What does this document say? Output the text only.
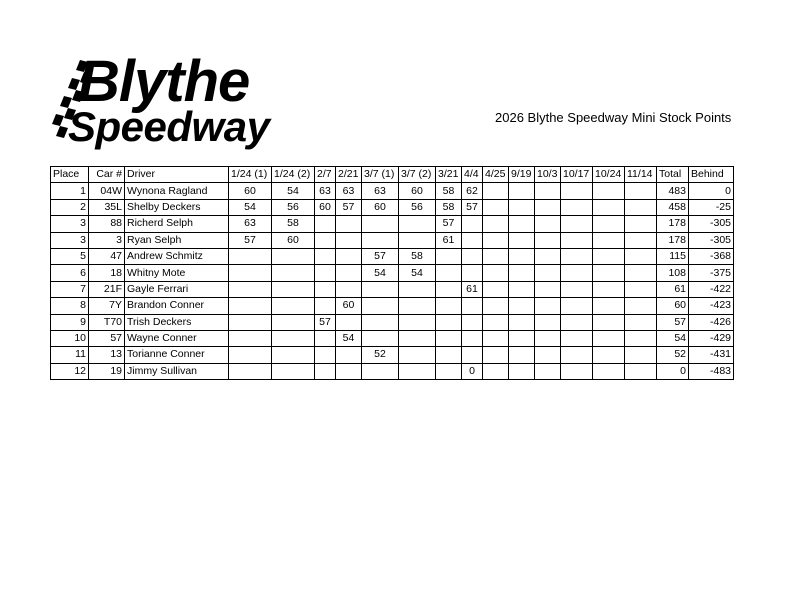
Blythe
Speedway	2026 Blythe Speedway Mini Stock Points
Place	Car #	Driver	1/24 (1)	1/24 (2)	2/7	2/21	3/7 (1)	3/7 (2)	3/21	4/4	4/25	9/19	10/3	10/17	10/24	11/14	Total	Behind
1	04W	Wynona Ragland	60	54	63	63	63	60	58	62							483	0
2	35L	Shelby Deckers	54	56	60	57	60	56	58	57							458	-25
3	88	Richerd Selph	63	58					57								178	-305
3	3	Ryan Selph	57	60					61								178	-305
5	47	Andrew Schmitz					57	58									115	-368
6	18	Whitny Mote					54	54									108	-375
7	21F	Gayle Ferrari								61							61	-422
8	7Y	Brandon Conner				60											60	-423
9	T70	Trish Deckers			57												57	-426
10	57	Wayne Conner				54											54	-429
11	13	Torianne Conner					52										52	-431
12	19	Jimmy Sullivan								0							0	-483
